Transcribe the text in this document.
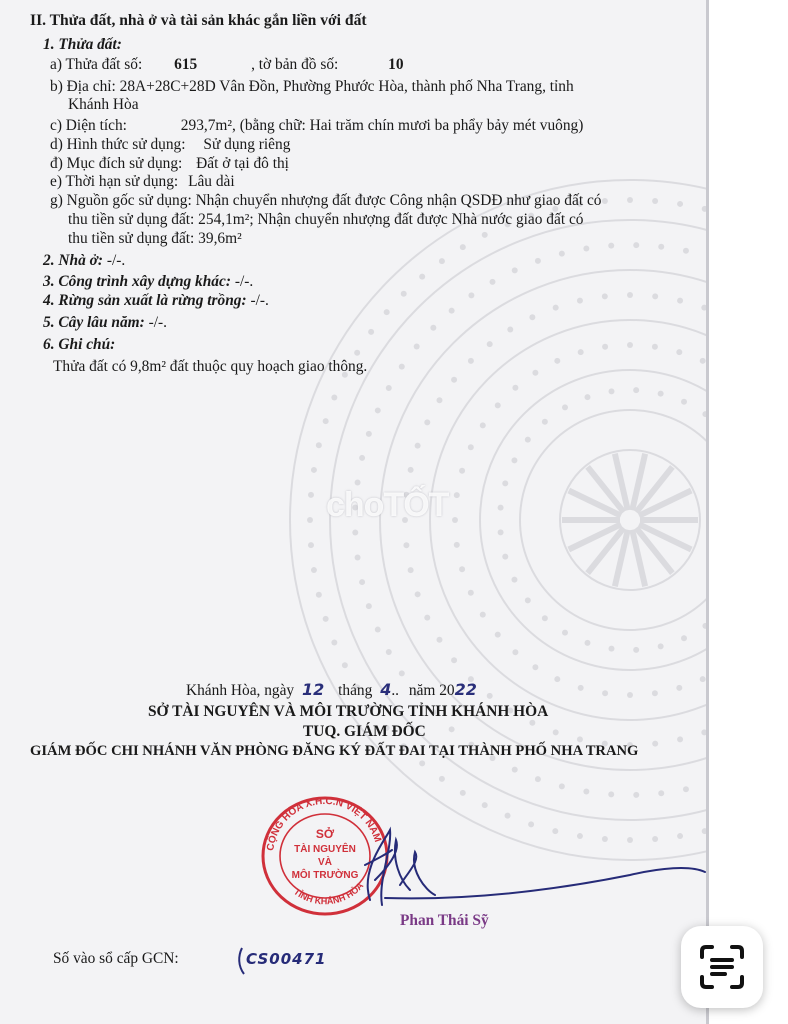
II. Thửa đất, nhà ở và tài sản khác gắn liền với đất
1. Thửa đất:
a) Thửa đất số: 615	, tờ bản đồ số:	10
b) Địa chỉ: 28A+28C+28D Vân Đồn, Phường Phước Hòa, thành phố Nha Trang, tỉnh
Khánh Hòa
c) Diện tích:	293,7m², (bằng chữ: Hai trăm chín mươi ba phẩy bảy mét vuông)
d) Hình thức sử dụng: Sử dụng riêng
đ) Mục đích sử dụng: Đất ở tại đô thị
e) Thời hạn sử dụng: Lâu dài
g) Nguồn gốc sử dụng: Nhận chuyển nhượng đất được Công nhận QSDĐ như giao đất có
thu tiền sử dụng đất: 254,1m²; Nhận chuyển nhượng đất được Nhà nước giao đất có
thu tiền sử dụng đất: 39,6m²
2. Nhà ở: -/-.
3. Công trình xây dựng khác: -/-.
4. Rừng sản xuất là rừng trồng: -/-.
5. Cây lâu năm: -/-.
6. Ghi chú:
Thửa đất có 9,8m² đất thuộc quy hoạch giao thông.
choTỐT
Khánh Hòa, ngày 12 tháng 4.. năm 2022
SỞ TÀI NGUYÊN VÀ MÔI TRƯỜNG TỈNH KHÁNH HÒA
TUQ. GIÁM ĐỐC
GIÁM ĐỐC CHI NHÁNH VĂN PHÒNG ĐĂNG KÝ ĐẤT ĐAI TẠI THÀNH PHỐ NHA TRANG
CỘNG HÒA X.H.C.N VIỆT NAM
TỈNH KHÁNH HÒA
SỞ
TÀI NGUYÊN
VÀ
MÔI TRƯỜNG
Phan Thái Sỹ
Số vào sổ cấp GCN:	CS00471
